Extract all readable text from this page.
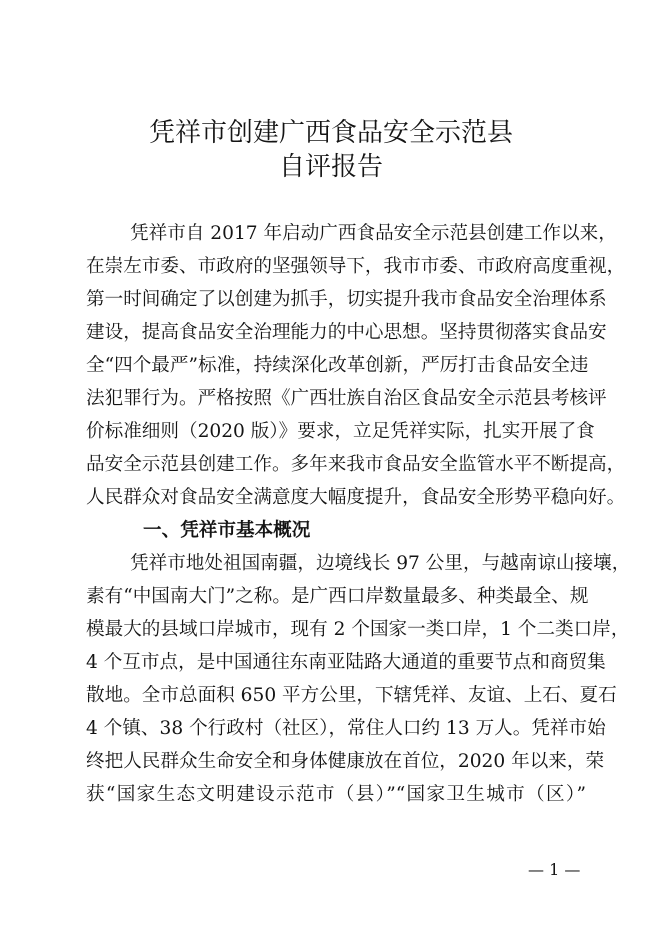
凭祥市创建广西食品安全示范县
自评报告
凭祥市自 2017 年启动广西食品安全示范县创建工作以来，
在崇左市委、市政府的坚强领导下，我市市委、市政府高度重视，
第一时间确定了以创建为抓手，切实提升我市食品安全治理体系
建设，提高食品安全治理能力的中心思想。坚持贯彻落实食品安
全“四个最严”标准，持续深化改革创新，严厉打击食品安全违
法犯罪行为。严格按照《广西壮族自治区食品安全示范县考核评
价标准细则（2020 版）》要求，立足凭祥实际，扎实开展了食
品安全示范县创建工作。多年来我市食品安全监管水平不断提高，
人民群众对食品安全满意度大幅度提升，食品安全形势平稳向好。
一、凭祥市基本概况
凭祥市地处祖国南疆，边境线长 97 公里，与越南谅山接壤，
素有“中国南大门”之称。是广西口岸数量最多、种类最全、规
模最大的县域口岸城市，现有 2 个国家一类口岸，1 个二类口岸，
4 个互市点，是中国通往东南亚陆路大通道的重要节点和商贸集
散地。全市总面积 650 平方公里，下辖凭祥、友谊、上石、夏石
4 个镇、38 个行政村（社区），常住人口约 13 万人。凭祥市始
终把人民群众生命安全和身体健康放在首位，2020 年以来，荣
获“国家生态文明建设示范市（县）”“国家卫生城市（区）”
— 1 —
